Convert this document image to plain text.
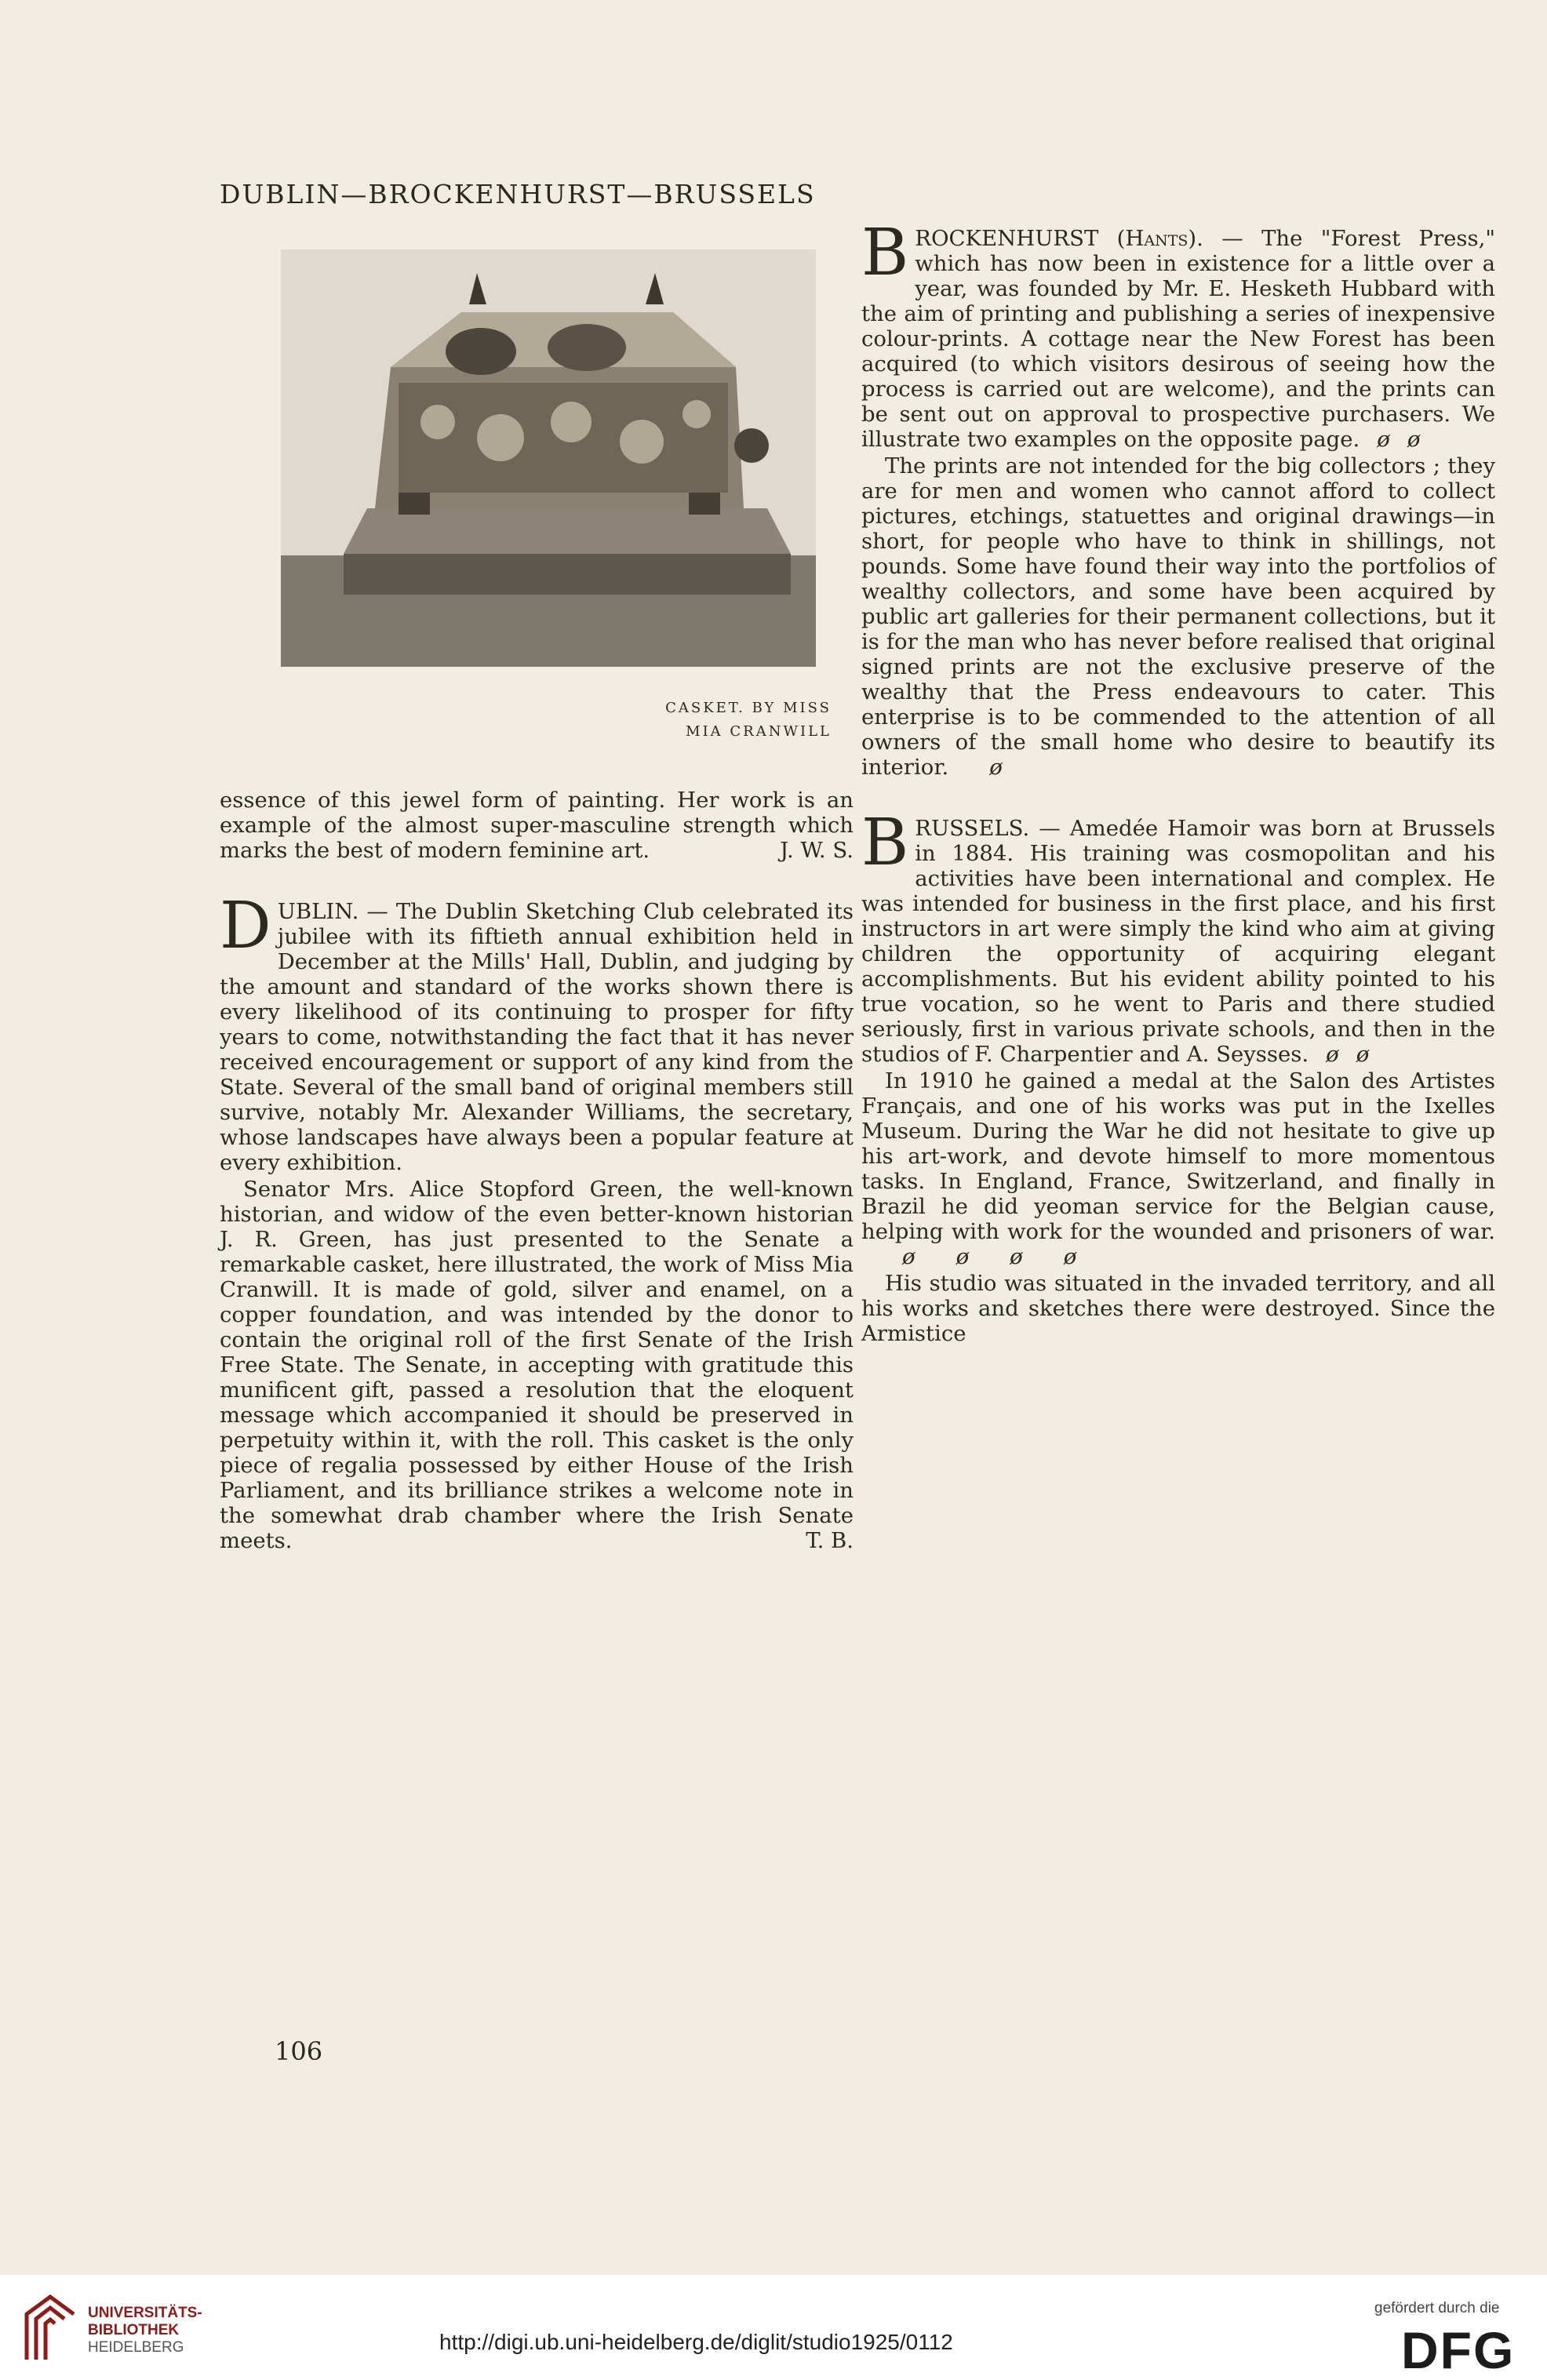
DUBLIN—BROCKENHURST—BRUSSELS
CASKET. BY MISS
MIA CRANWILL

essence of this jewel form of painting. Her work is an example of the almost super-masculine strength which marks the best of modern feminine art.	J. W. S.

DUBLIN. — The Dublin Sketching Club celebrated its jubilee with its fiftieth annual exhibition held in December at the Mills' Hall, Dublin, and judging by the amount and standard of the works shown there is every likelihood of its continuing to prosper for fifty years to come, notwithstanding the fact that it has never received encouragement or support of any kind from the State. Several of the small band of original members still survive, notably Mr. Alexander Williams, the secretary, whose landscapes have always been a popular feature at every exhibition.

Senator Mrs. Alice Stopford Green, the well-known historian, and widow of the even better-known historian J. R. Green, has just presented to the Senate a remarkable casket, here illustrated, the work of Miss Mia Cranwill. It is made of gold, silver and enamel, on a copper foundation, and was intended by the donor to contain the original roll of the first Senate of the Irish Free State. The Senate, in accepting with gratitude this munificent gift, passed a resolution that the eloquent message which accompanied it should be preserved in perpetuity within it, with the roll. This casket is the only piece of regalia possessed by either House of the Irish Parliament, and its brilliance strikes a welcome note in the somewhat drab chamber where the Irish Senate meets.	T. B.

BROCKENHURST (Hants). — The "Forest Press," which has now been in existence for a little over a year, was founded by Mr. E. Hesketh Hubbard with the aim of printing and publishing a series of inexpensive colour-prints. A cottage near the New Forest has been acquired (to which visitors desirous of seeing how the process is carried out are welcome), and the prints can be sent out on approval to prospective purchasers. We illustrate two examples on the opposite page. ø ø

The prints are not intended for the big collectors ; they are for men and women who cannot afford to collect pictures, etchings, statuettes and original drawings—in short, for people who have to think in shillings, not pounds. Some have found their way into the portfolios of wealthy collectors, and some have been acquired by public art galleries for their permanent collections, but it is for the man who has never before realised that original signed prints are not the exclusive preserve of the wealthy that the Press endeavours to cater. This enterprise is to be commended to the attention of all owners of the small home who desire to beautify its interior. ø

BRUSSELS. — Amedée Hamoir was born at Brussels in 1884. His training was cosmopolitan and his activities have been international and complex. He was intended for business in the first place, and his first instructors in art were simply the kind who aim at giving children the opportunity of acquiring elegant accomplishments. But his evident ability pointed to his true vocation, so he went to Paris and there studied seriously, first in various private schools, and then in the studios of F. Charpentier and A. Seysses. ø ø

In 1910 he gained a medal at the Salon des Artistes Français, and one of his works was put in the Ixelles Museum. During the War he did not hesitate to give up his art-work, and devote himself to more momentous tasks. In England, France, Switzerland, and finally in Brazil he did yeoman service for the Belgian cause, helping with work for the wounded and prisoners of war.ø ø ø ø

His studio was situated in the invaded territory, and all his works and sketches there were destroyed. Since the Armistice

106
UNIVERSITÄTS-
BIBLIOTHEK
HEIDELBERG	http://digi.ub.uni-heidelberg.de/diglit/studio1925/0112
gefördert durch die
DFG
